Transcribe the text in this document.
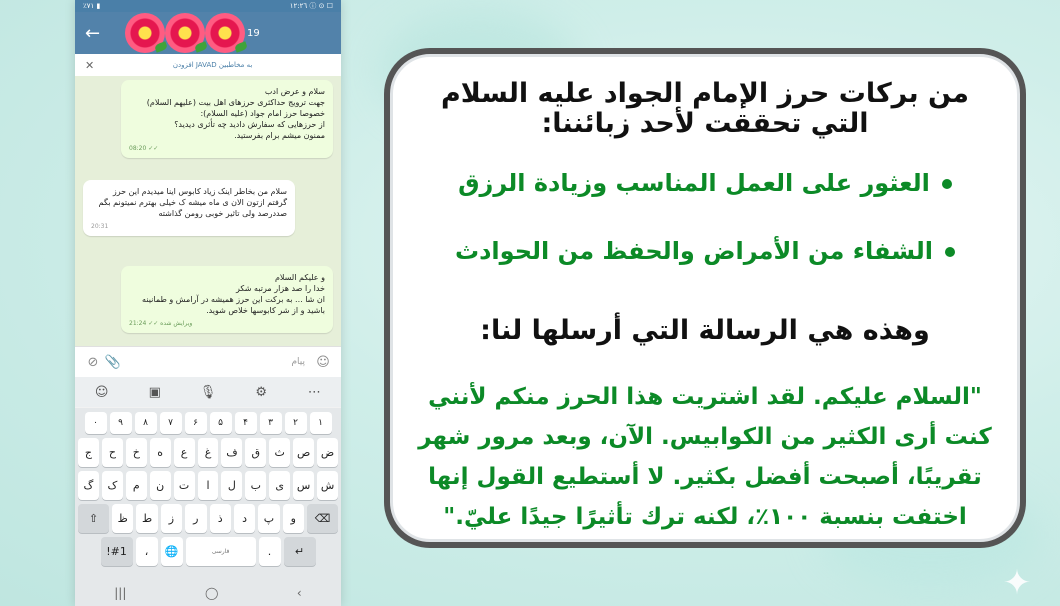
✦
٪٧١ ▮	١٢:٢٦ ⓘ ⊙ ☐
←	19
✕	افزودن JAVAD به مخاطبین

سلام و عرض ادب

جهت ترویج حداکثری حرزهای اهل بیت (علیهم السلام) خصوصا حرز امام جواد (علیه السلام):

از حرزهایی که سفارش دادید چه تأثری دیدید؟

ممنون میشم برام بفرستید.

08:20 ✓✓

سلام من بخاطر اینک زیاد کابوس اینا میدیدم این حرز گرفتم ازتون الان ی ماه میشه ک خیلی بهترم نمیتونم بگم صددرصد ولی تاثیر خوبی رومن گذاشته

20:31

و علیکم السلام

خدا را صد هزار مرتبه شکر

ان شا ... به برکت این حرز همیشه در آرامش و طمانینه باشید و از شر کابوسها خلاص شوید.

21:24 ✓✓ ویرایش شده
⊘ 📎	پیام ☺
☺	▣	🎙	⚙	⋯
۰	۹	۸	۷	۶	۵	۴	۳	۲	۱
ج	ح	خ	ه	ع	غ	ف	ق	ث	ص ض
گ	ک	م	ن	ت	ا	ل	ب	ی	س ش
⇧	ظ	ط	ز	ر	ذ	د	پ	و	⌫
!#1	،	🌐	فارسی	.	↵
|||	◯	‹
من بركات حرز الإمام الجواد عليه السلام
التي تحققت لأحد زبائننا:
العثور على العمل المناسب وزيادة الرزق
الشفاء من الأمراض والحفظ من الحوادث
وهذه هي الرسالة التي أرسلها لنا:
"السلام عليكم. لقد اشتريت هذا الحرز منكم لأنني كنت أرى الكثير من الكوابيس. الآن، وبعد مرور شهر تقريبًا، أصبحت أفضل بكثير. لا أستطيع القول إنها اختفت بنسبة ١٠٠٪، لكنه ترك تأثيرًا جيدًا عليّ."
